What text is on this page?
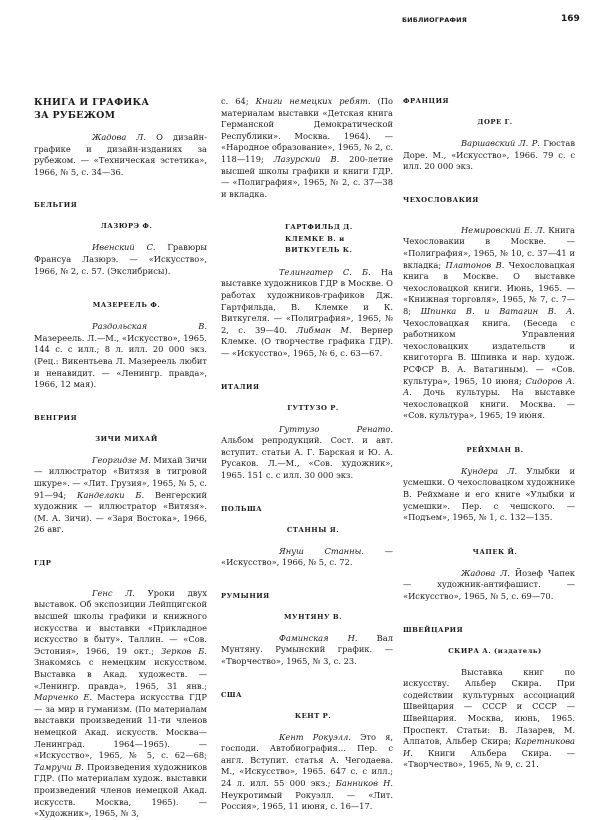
БИБЛИОГРАФИЯ	169
КНИГА И ГРАФИКА
ЗА РУБЕЖОМ

Жадова Л. О дизайн-графике и дизайн-изданиях за рубежом. — «Техническая эстетика», 1966, № 5, с. 34—36.

БЕЛЬГИЯ
ЛАЗЮРЭ Ф.

Ивенский С. Гравюры Франсуа Лазюрэ. — «Искусство», 1966, № 2, с. 57. (Экслибрисы).

МАЗЕРЕЕЛЬ Ф.

Раздольская В. Мазереель. Л.—М., «Искусство», 1965. 144 с. с илл.; 8 л. илл. 20 000 экз. (Рец.: Викентьева Л. Мазереель любит и ненавидит. — «Ленингр. правда», 1966, 12 мая).

ВЕНГРИЯ
ЗИЧИ МИХАЙ

Георгидзе М. Михай Зичи — иллюстратор «Витязя в тигровой шкуре». — «Лит. Грузия», 1965, № 5, с. 91—94; Канделаки Б. Венгерский художник — иллюстратор «Витязя». (М. А. Зичи). — «Заря Востока», 1966, 26 авг.

ГДР

Генс Л. Уроки двух выставок. Об экспозиции Лейпцигской высшей школы графики и книжного искусства и выставки «Прикладное искусство в быту». Таллин. — «Сов. Эстония», 1966, 19 окт.; Зерков Б. Знакомясь с немецким искусством. Выставка в Акад. художеств. — «Ленингр. правда», 1965, 31 янв.; Марченко Е. Мастера искусства ГДР — за мир и гуманизм. (По материалам выставки произведений 11-ти членов немецкой Акад. искусств. Москва—Ленинград. 1964—1965). — «Искусство», 1965, № 5, с. 62—68; Тамручи В. Произведения художников ГДР. (По материалам худож. выставки произведений членов немецкой Акад. искусств. Москва, 1965). — «Художник», 1965, № 3,

с. 64; Книги немецких ребят. (По материалам выставки «Детская книга Германской Демократической Республики». Москва. 1964). — «Народное образование», 1965, № 2, с. 118—119; Лазурский В. 200-летие высшей школы графики и книги ГДР. — «Полиграфия», 1965, № 2, с. 37—38 и вкладка.

ГАРТФИЛЬД Д.
КЛЕМКЕ В. и
ВИТКУГЕЛЬ К.

Телингатер С. Б. На выставке художников ГДР в Москве. О работах художников-графиков Дж. Гартфильда, В. Клемке и К. Виткугеля. — «Полиграфия», 1965, № 2, с. 39—40. Либман М. Вернер Клемке. (О творчестве графика ГДР). — «Искусство», 1965, № 6, с. 63—67.

ИТАЛИЯ
ГУТТУЗО Р.

Гуттузо Ренато. Альбом репродукций. Сост. и авт. вступит. статьи А. Г. Барская и Ю. А. Русаков. Л.—М., «Сов. художник», 1965. 151 с. с илл. 30 000 экз.

ПОЛЬША
СТАННЫ Я.

Януш Станны. — «Искусство», 1966, № 5, с. 72.

РУМЫНИЯ
МУНТЯНУ В.

Фаминская Н. Вал Мунтяну. Румынский график. — «Творчество», 1965, № 3, с. 23.

США
КЕНТ Р.

Кент Рокуэлл. Это я, господи. Автобиография… Пер. с англ. Вступит. статья А. Чегодаева. М., «Искусство», 1965. 647 с. с илл.; 24 л. илл. 55 000 экз.; Банников Н. Неукротимый Рокуэлл. — «Лит. Россия», 1965, 11 июня, с. 16—17.

ФРАНЦИЯ
ДОРЕ Г.

Варшавский Л. Р. Гюстав Доре. М., «Искусство», 1966. 79 с. с илл. 20 000 экз.

ЧЕХОСЛОВАКИЯ

Немировский Е. Л. Книга Чехословакии в Москве. — «Полиграфия», 1965, № 10, с. 37—41 и вкладка; Платонов В. Чехословацкая книга в Москве. О выставке чехословацкой книги. Июнь, 1965. — «Книжная торговля», 1965, № 7, с. 7—8; Шпинка В. и Ватагин В. А. Чехословацкая книга. (Беседа с работником Управления чехословацких издательств и книготорга В. Шпинка и нар. худож. РСФСР В. А. Ватагиным). — «Сов. культура», 1965, 10 июня; Сидоров А. А. Дочь культуры. На выставке чехословацкой книги. Москва. — «Сов. культура», 1965, 19 июня.

РЕЙХМАН В.

Кундера Л. Улыбки и усмешки. О чехословацком художнике В. Рейхмане и его книге «Улыбки и усмешки». Пер. с чешского. — «Подъем», 1965, № 1, с. 132—135.

ЧАПЕК Й.

Жадова Л. Йозеф Чапек — художник-антифашист. — «Искусство», 1965, № 5, с. 69—70.

ШВЕЙЦАРИЯ
СКИРА А. (издатель)

Выставка книг по искусству. Альбер Скира. При содействии культурных ассоциаций Швейцария — СССР и СССР — Швейцария. Москва, июнь, 1965. Проспект. Статьи: В. Лазарев, М. Алпатов, Альбер Скира; Каретникова И. Книги Альбера Скира. — «Творчество», 1965, № 9, с. 21.
